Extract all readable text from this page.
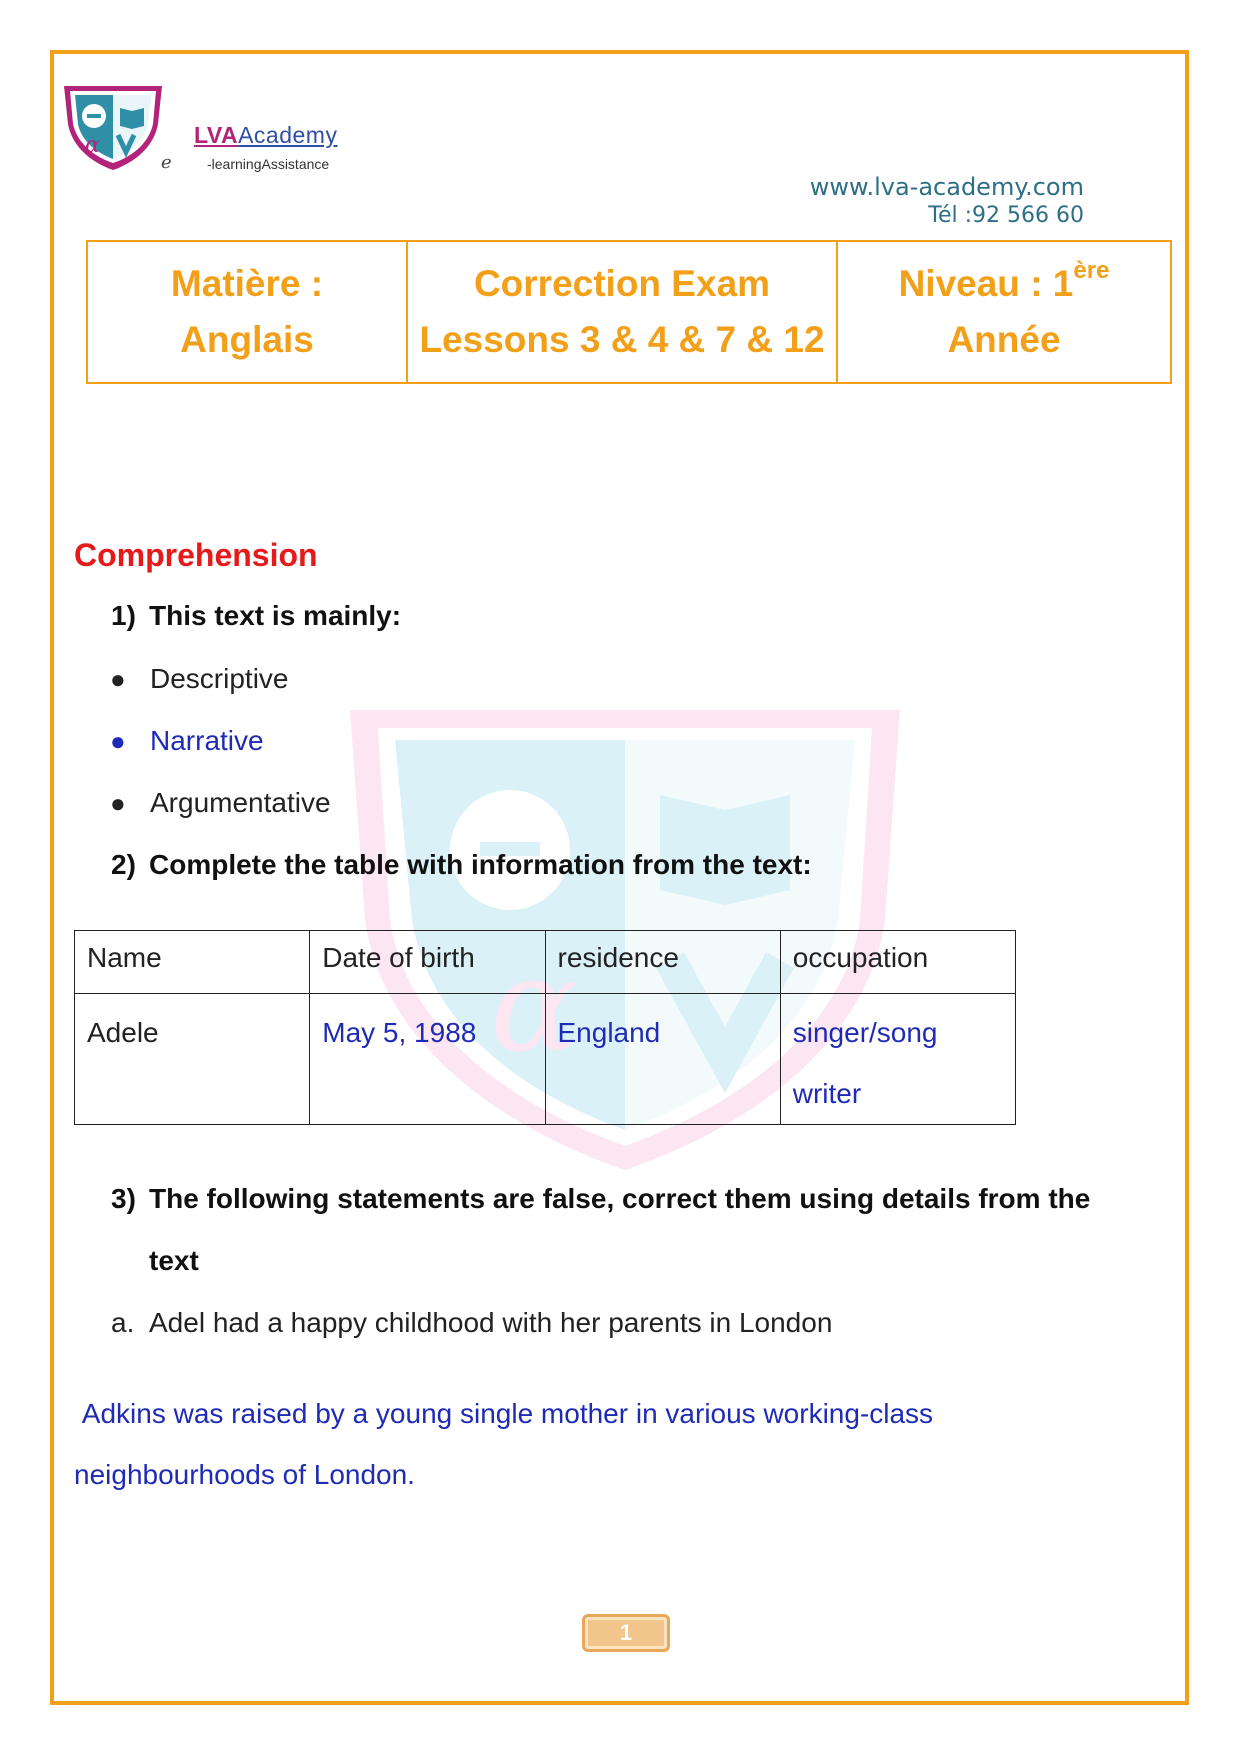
α	LVAAcademy
e	-learningAssistance
www.lva-academy.com
Tél :92 566 60
Matière :
Anglais

Correction Exam
Lessons 3 & 4 & 7 & 12

Niveau : 1ère
Année
α
Comprehension
1) This text is mainly:
● Descriptive
● Narrative
● Argumentative
2) Complete the table with information from the text:
Name	Date of birth	residence	occupation
Adele	May 5, 1988	England	singer/song writer
3) The following statements are false, correct them using details from the
text
a. Adel had a happy childhood with her parents in London
Adkins was raised by a young single mother in various working-class neighbourhoods of London.
1
